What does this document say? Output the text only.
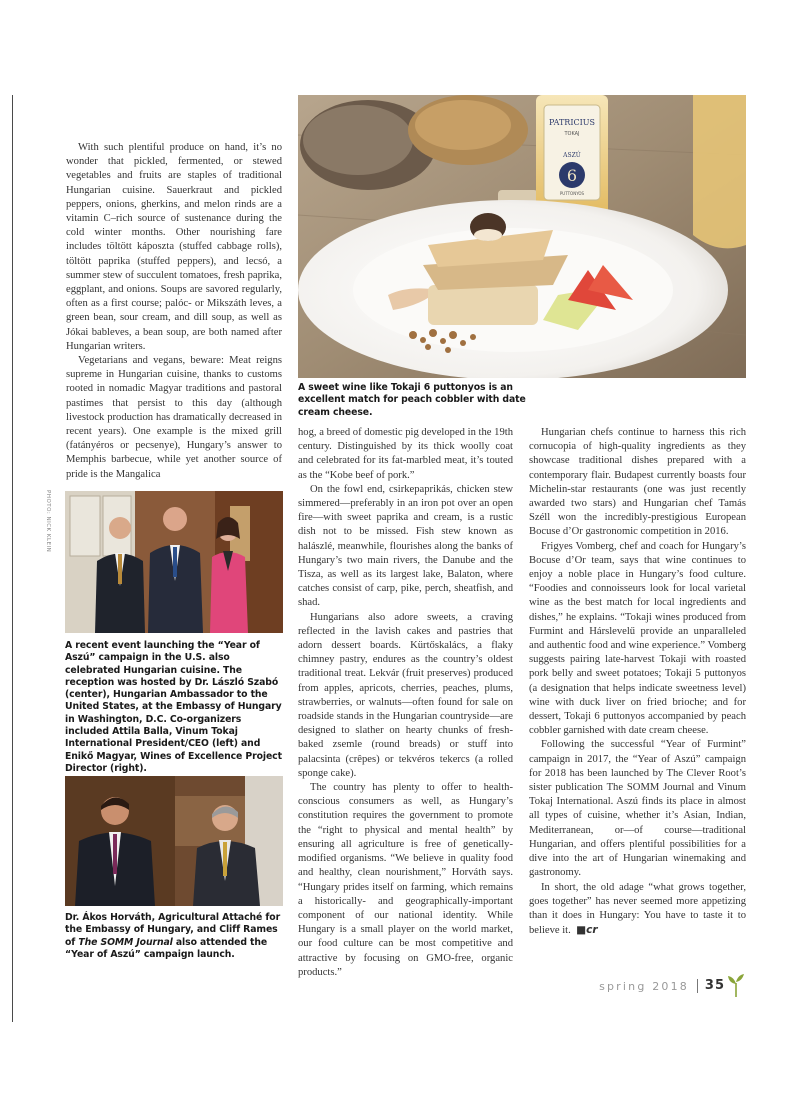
With such plentiful produce on hand, it’s no wonder that pickled, fermented, or stewed vegetables and fruits are staples of traditional Hungarian cuisine. Sauerkraut and pickled peppers, onions, gherkins, and melon rinds are a vitamin C–rich source of sustenance during the cold winter months. Other nourishing fare includes töltött káposzta (stuffed cabbage rolls), töltött paprika (stuffed peppers), and lecsó, a summer stew of succulent tomatoes, fresh paprika, eggplant, and onions. Soups are savored regularly, often as a first course; palóc- or Mikszáth leves, a green bean, sour cream, and dill soup, as well as Jókai bableves, a bean soup, are both named after Hungarian writers.

Vegetarians and vegans, beware: Meat reigns supreme in Hungarian cuisine, thanks to customs rooted in nomadic Magyar traditions and pastoral pastimes that persist to this day (although livestock production has dramatically decreased in recent years). One example is the mixed grill (fatányéros or pecsenye), Hungary’s answer to Memphis barbecue, while yet another source of pride is the Mangalica

PATRICIUS
TOKAJ
ASZÚ
6
PUTTONYOS
A sweet wine like Tokaji 6 puttonyos is an excellent match for peach cobbler with date cream cheese.
PHOTO: NICK KLEIN
A recent event launching the “Year of Aszú” campaign in the U.S. also celebrated Hungarian cuisine. The reception was hosted by Dr. László Szabó (center), Hungarian Ambassador to the United States, at the Embassy of Hungary in Washington, D.C. Co-organizers included Attila Balla, Vinum Tokaj International President/CEO (left) and Enikő Magyar, Wines of Excellence Project Director (right).
Dr. Ákos Horváth, Agricultural Attaché for the Embassy of Hungary, and Cliff Rames of The SOMM Journal also attended the “Year of Aszú” campaign launch.

hog, a breed of domestic pig developed in the 19th century. Distinguished by its thick woolly coat and celebrated for its fat-marbled meat, it’s touted as the “Kobe beef of pork.”

On the fowl end, csirkepaprikás, chicken stew simmered—preferably in an iron pot over an open fire—with sweet paprika and cream, is a rustic dish not to be missed. Fish stew known as halászlé, meanwhile, flourishes along the banks of Hungary’s two main rivers, the Danube and the Tisza, as well as its largest lake, Balaton, where catches consist of carp, pike, perch, sheatfish, and shad.

Hungarians also adore sweets, a craving reflected in the lavish cakes and pastries that adorn dessert boards. Kürtőskalács, a flaky chimney pastry, endures as the country’s oldest traditional treat. Lekvár (fruit preserves) produced from apples, apricots, cherries, peaches, plums, strawberries, or walnuts—often found for sale on roadside stands in the Hungarian countryside—are designed to slather on hearty chunks of fresh-baked zsemle (round breads) or stuff into palacsinta (crêpes) or tekvéros tekercs (a rolled sponge cake).

The country has plenty to offer to health-conscious consumers as well, as Hungary’s constitution requires the government to promote the “right to physical and mental health” by ensuring all agriculture is free of genetically-modified organisms. “We believe in quality food and healthy, clean nourishment,” Horváth says. “Hungary prides itself on farming, which remains a historically- and geographically-important component of our national identity. While Hungary is a small player on the world market, our food culture can be most competitive and attractive by focusing on GMO-free, organic products.”

Hungarian chefs continue to harness this rich cornucopia of high-quality ingredients as they showcase traditional dishes prepared with a contemporary flair. Budapest currently boasts four Michelin-star restaurants (one was just recently awarded two stars) and Hungarian chef Tamás Széll won the incredibly-prestigious European Bocuse d’Or gastronomic competition in 2016.

Frigyes Vomberg, chef and coach for Hungary’s Bocuse d’Or team, says that wine continues to enjoy a noble place in Hungary’s food culture. “Foodies and connoisseurs look for local varietal wine as the best match for local ingredients and dishes,” he explains. “Tokaji wines produced from Furmint and Hárslevelű provide an unparalleled and authentic food and wine experience.” Vomberg suggests pairing late-harvest Tokaji with roasted pork belly and sweet potatoes; Tokaji 5 puttonyos (a designation that helps indicate sweetness level) wine with duck liver on fried brioche; and for dessert, Tokaji 6 puttonyos accompanied by peach cobbler garnished with date cream cheese.

Following the successful “Year of Furmint” campaign in 2017, the “Year of Aszú” campaign for 2018 has been launched by The Clever Root’s sister publication The SOMM Journal and Vinum Tokaj International. Aszú finds its place in almost all types of cuisine, whether it’s Asian, Indian, Mediterranean, or—of course—traditional Hungarian, and offers plentiful possibilities for a dive into the art of Hungarian winemaking and gastronomy.

In short, the old adage “what grows together, goes together” has never seemed more appetizing than it does in Hungary: You have to taste it to believe it. ■cr

spring 2018 35
